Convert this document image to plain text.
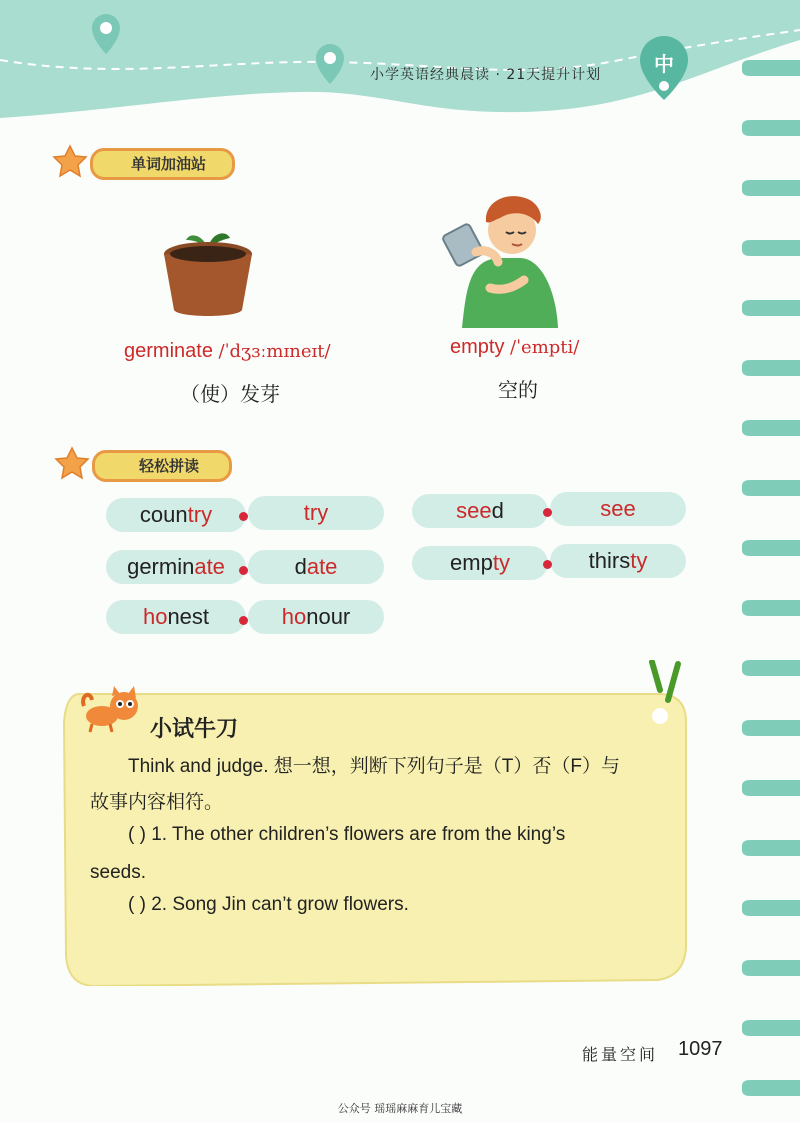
小学英语经典晨读 · 21天提升计划	中
单词加油站
germinate /ˈdʒɜːmɪneɪt/
（使）发芽
empty /ˈempti/
空的
轻松拼读
country	try
germinate	date
honest	honour
seed	see
empty	thirsty
小试牛刀
Think and judge. 想一想，判断下列句子是（T）否（F）与
故事内容相符。
( ) 1. The other children’s flowers are from the king’s
seeds.
( ) 2. Song Jin can’t grow flowers.
能量空间 1097
公众号 瑶瑶麻麻育儿宝藏
